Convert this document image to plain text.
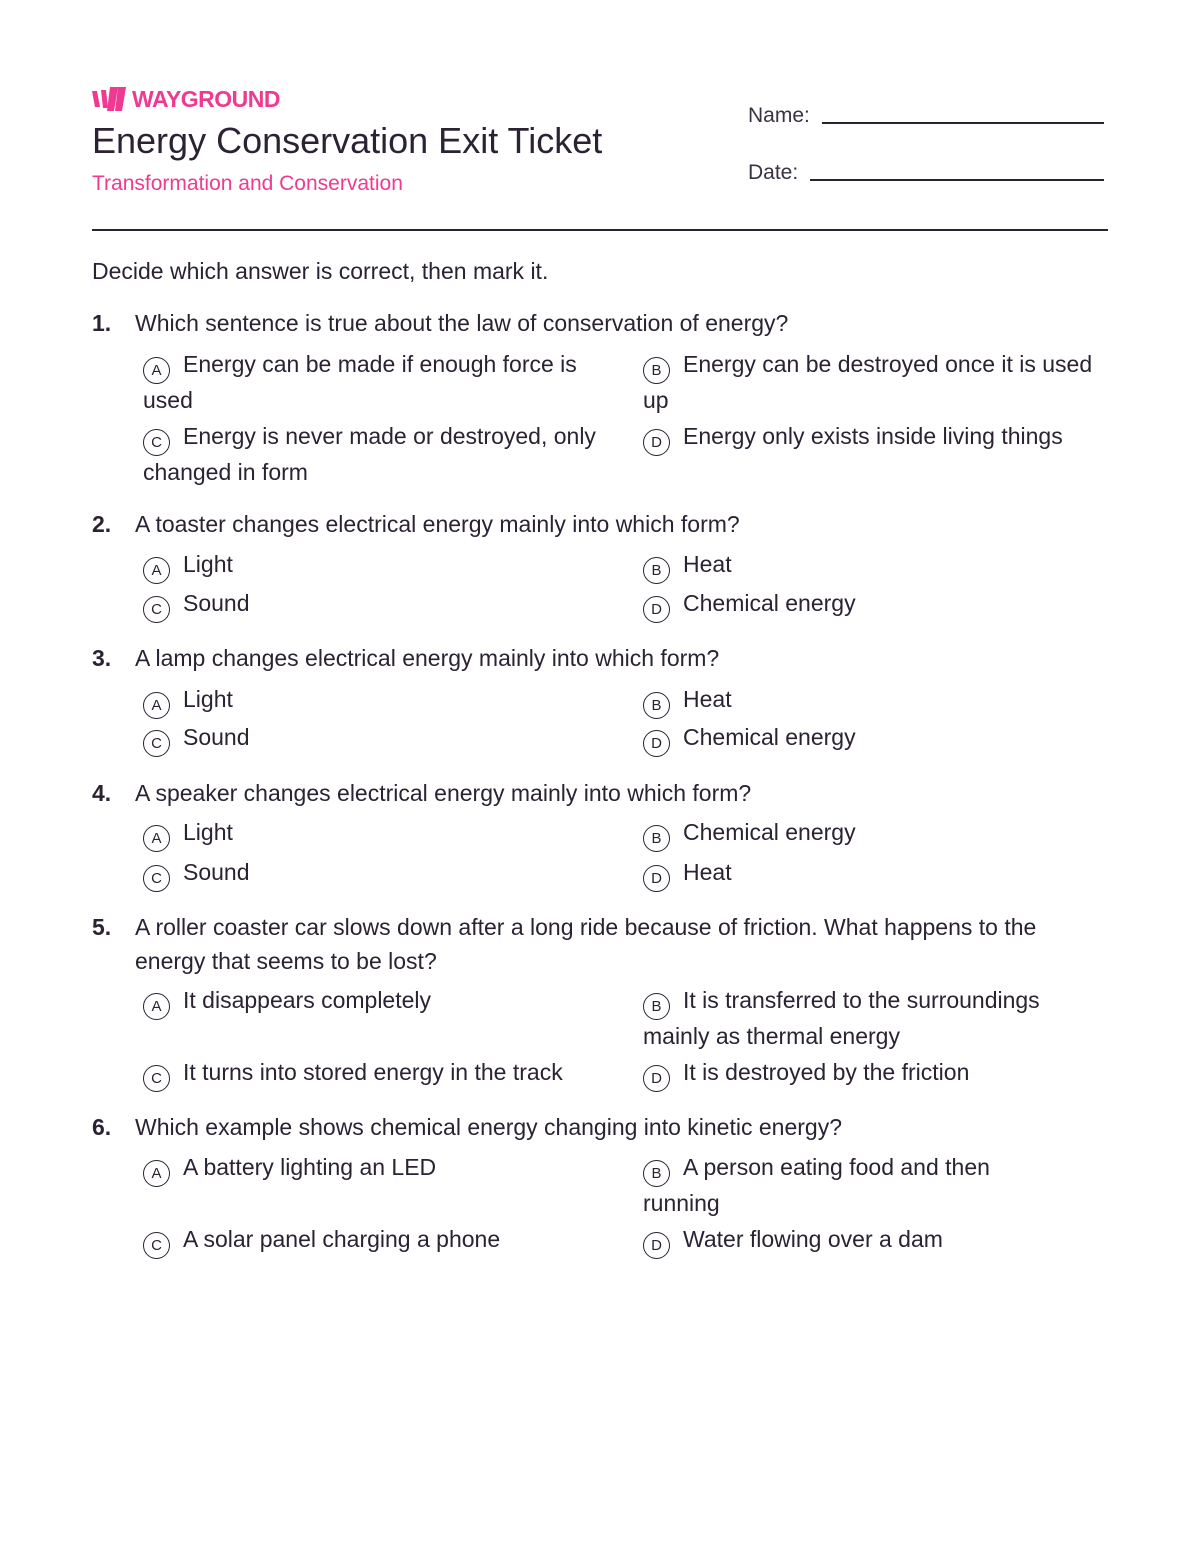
WAYGROUND
Energy Conservation Exit Ticket
Transformation and Conservation
Name:
Date:
Decide which answer is correct, then mark it.
1.	Which sentence is true about the law of conservation of energy?
A Energy can be made if enough force is used
B Energy can be destroyed once it is used up
C Energy is never made or destroyed, only changed in form
D Energy only exists inside living things
2.	A toaster changes electrical energy mainly into which form?
A Light	B Heat
C Sound	D Chemical energy
3.	A lamp changes electrical energy mainly into which form?
A Light	B Heat
C Sound	D Chemical energy
4.	A speaker changes electrical energy mainly into which form?
A Light	B Chemical energy
C Sound	D Heat
5.	A roller coaster car slows down after a long ride because of friction. What happens to the energy that seems to be lost?
A It disappears completely	B It is transferred to the surroundings mainly as thermal energy
C It turns into stored energy in the track	D It is destroyed by the friction
6.	Which example shows chemical energy changing into kinetic energy?
A A battery lighting an LED	B A person eating food and then running
C A solar panel charging a phone	D Water flowing over a dam
